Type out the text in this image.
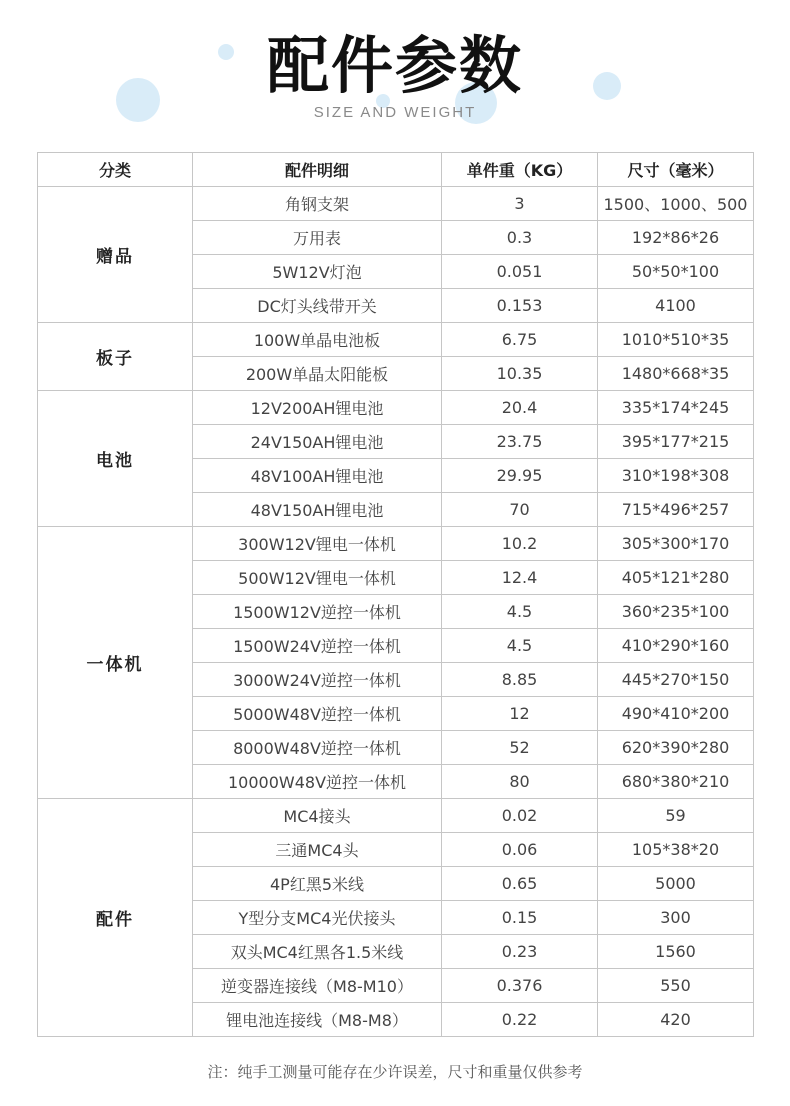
配件参数
SIZE AND WEIGHT
分类	配件明细	单件重（KG）	尺寸（毫米）
赠品	角钢支架	3	1500、1000、500
	万用表	0.3	192*86*26
	5W12V灯泡	0.051	50*50*100
	DC灯头线带开关	0.153	4100
板子	100W单晶电池板	6.75	1010*510*35
	200W单晶太阳能板	10.35	1480*668*35
电池	12V200AH锂电池	20.4	335*174*245
	24V150AH锂电池	23.75	395*177*215
	48V100AH锂电池	29.95	310*198*308
	48V150AH锂电池	70	715*496*257
一体机	300W12V锂电一体机	10.2	305*300*170
	500W12V锂电一体机	12.4	405*121*280
	1500W12V逆控一体机	4.5	360*235*100
	1500W24V逆控一体机	4.5	410*290*160
	3000W24V逆控一体机	8.85	445*270*150
	5000W48V逆控一体机	12	490*410*200
	8000W48V逆控一体机	52	620*390*280
	10000W48V逆控一体机	80	680*380*210
配件	MC4接头	0.02	59
	三通MC4头	0.06	105*38*20
	4P红黑5米线	0.65	5000
	Y型分支MC4光伏接头	0.15	300
	双头MC4红黑各1.5米线	0.23	1560
	逆变器连接线（M8-M10）	0.376	550
	锂电池连接线（M8-M8）	0.22	420
注：纯手工测量可能存在少许误差，尺寸和重量仅供参考
